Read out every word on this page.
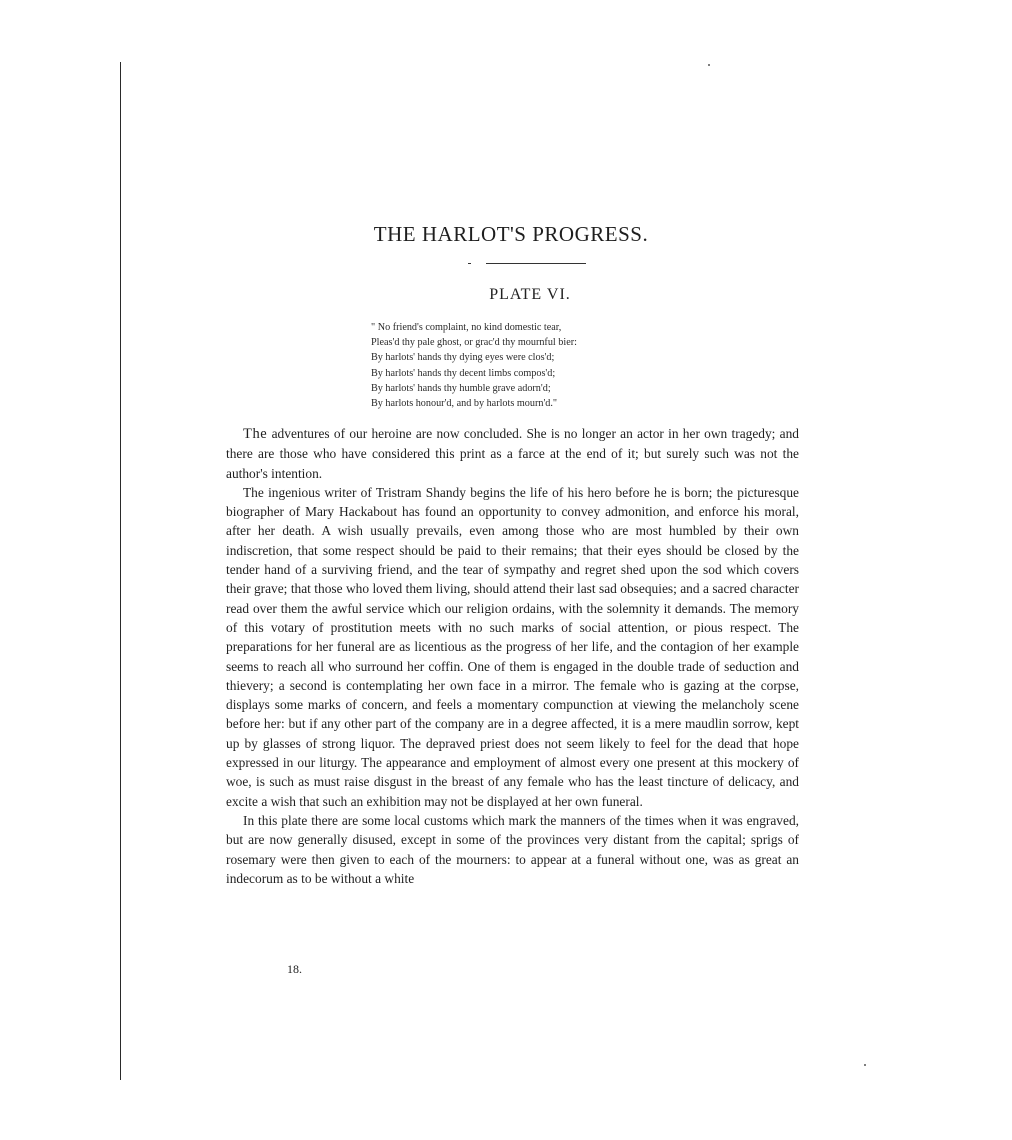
THE HARLOT'S PROGRESS.
PLATE VI.
" No friend's complaint, no kind domestic tear,
Pleas'd thy pale ghost, or grac'd thy mournful bier:
By harlots' hands thy dying eyes were clos'd;
By harlots' hands thy decent limbs compos'd;
By harlots' hands thy humble grave adorn'd;
By harlots honour'd, and by harlots mourn'd."

The adventures of our heroine are now concluded. She is no longer an actor in her own tragedy; and there are those who have considered this print as a farce at the end of it; but surely such was not the author's intention.

The ingenious writer of Tristram Shandy begins the life of his hero before he is born; the picturesque biographer of Mary Hackabout has found an opportunity to convey admonition, and enforce his moral, after her death. A wish usually prevails, even among those who are most humbled by their own indiscretion, that some respect should be paid to their remains; that their eyes should be closed by the tender hand of a surviving friend, and the tear of sympathy and regret shed upon the sod which covers their grave; that those who loved them living, should attend their last sad obsequies; and a sacred character read over them the awful service which our religion ordains, with the solemnity it demands. The memory of this votary of prostitution meets with no such marks of social attention, or pious respect. The preparations for her funeral are as licentious as the progress of her life, and the contagion of her example seems to reach all who surround her coffin. One of them is engaged in the double trade of seduction and thievery; a second is contemplating her own face in a mirror. The female who is gazing at the corpse, displays some marks of concern, and feels a momentary compunction at viewing the melancholy scene before her: but if any other part of the company are in a degree affected, it is a mere maudlin sorrow, kept up by glasses of strong liquor. The depraved priest does not seem likely to feel for the dead that hope expressed in our liturgy. The appearance and employment of almost every one present at this mockery of woe, is such as must raise disgust in the breast of any female who has the least tincture of delicacy, and excite a wish that such an exhibition may not be displayed at her own funeral.

In this plate there are some local customs which mark the manners of the times when it was engraved, but are now generally disused, except in some of the provinces very distant from the capital; sprigs of rosemary were then given to each of the mourners: to appear at a funeral without one, was as great an indecorum as to be without a white

18.
